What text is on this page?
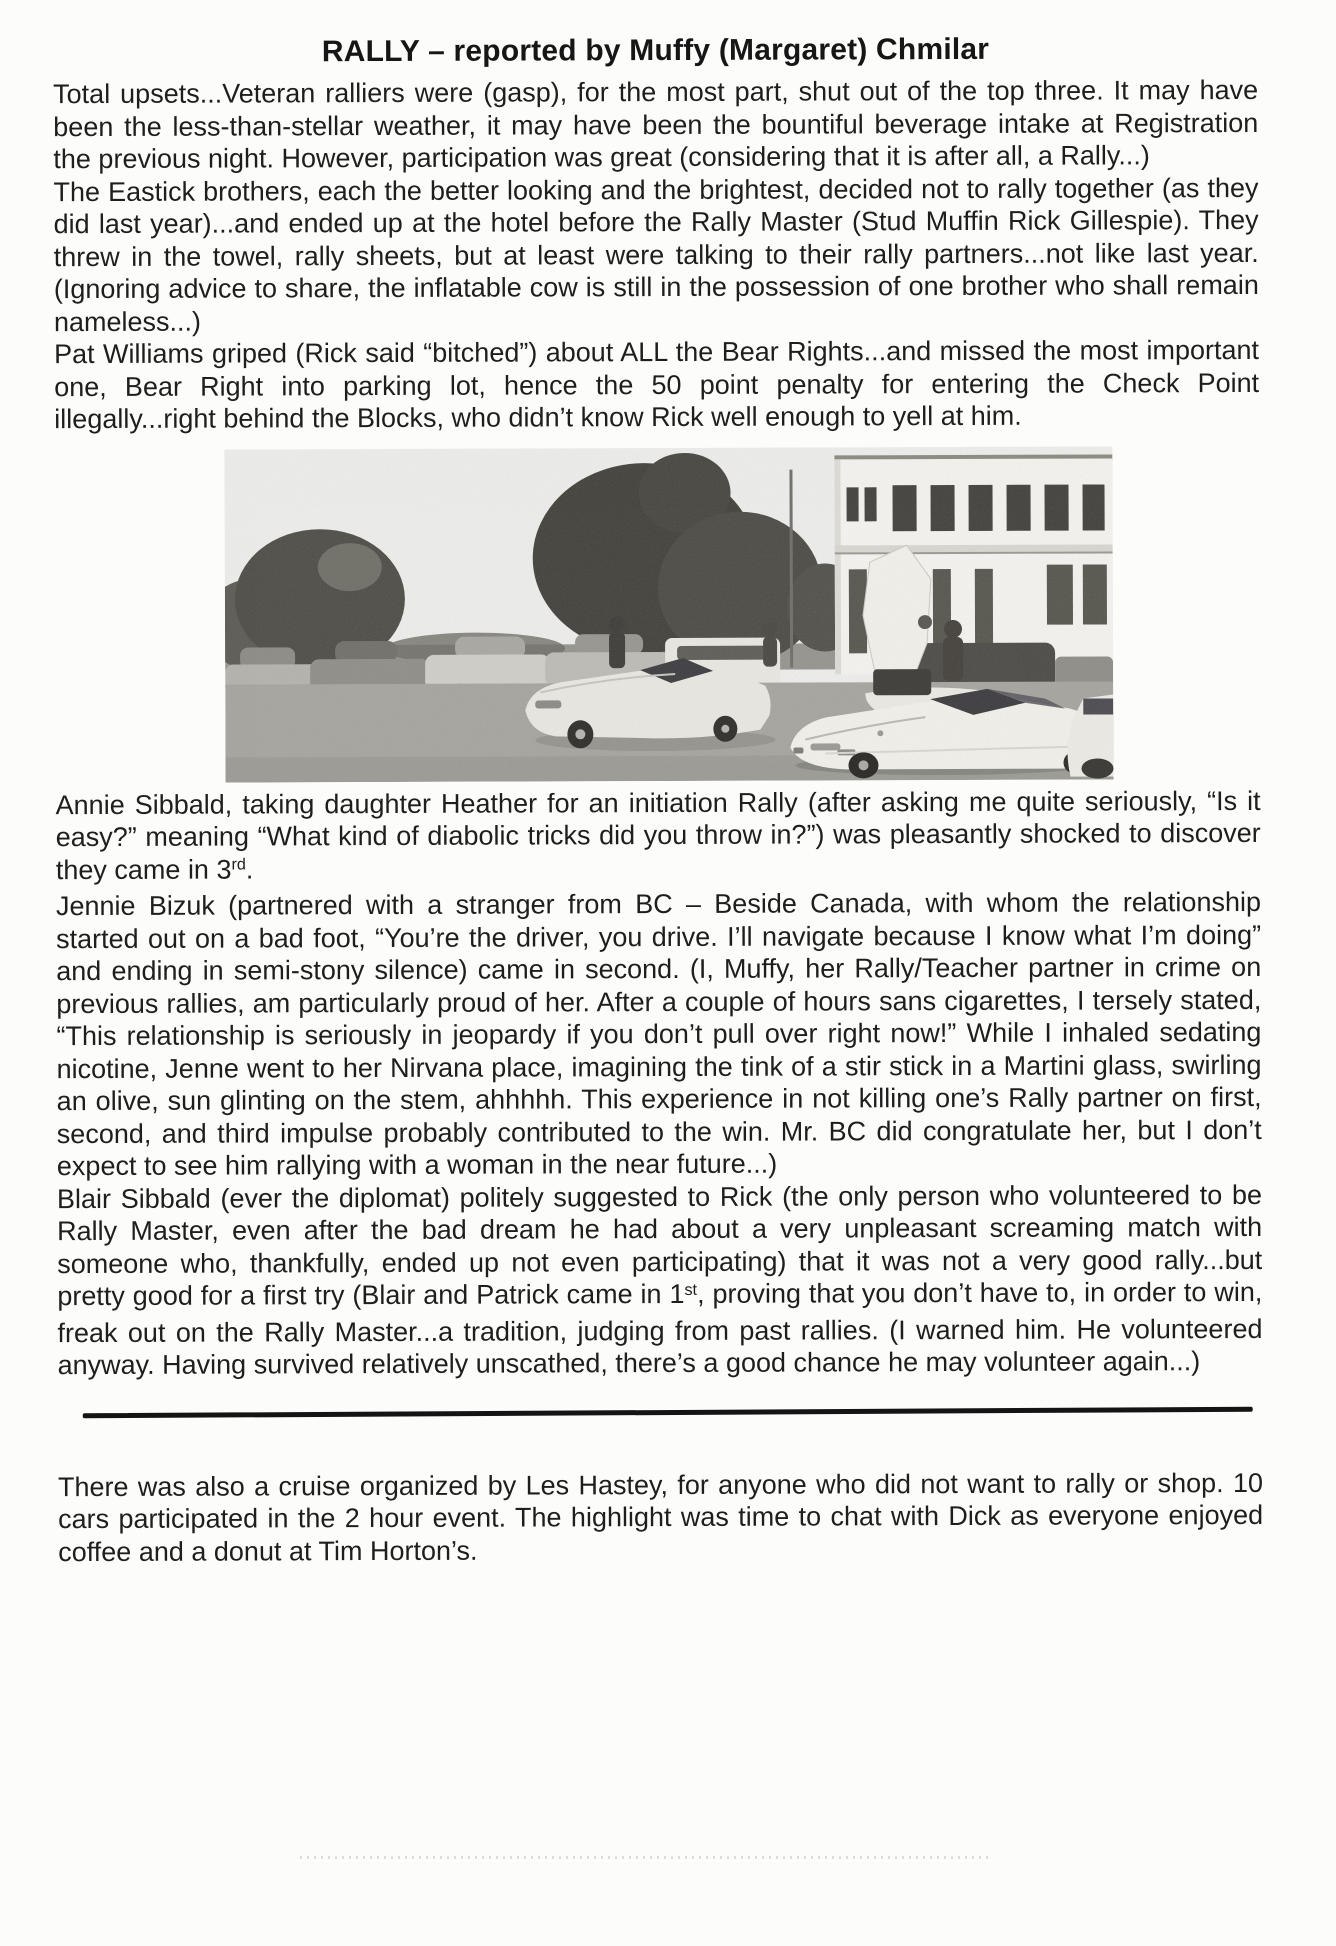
RALLY – reported by Muffy (Margaret) Chmilar

Total upsets...Veteran ralliers were (gasp), for the most part, shut out of the top three. It may have been the less-than-stellar weather, it may have been the bountiful beverage intake at Registration the previous night. However, participation was great (considering that it is after all, a Rally...)

The Eastick brothers, each the better looking and the brightest, decided not to rally together (as they did last year)...and ended up at the hotel before the Rally Master (Stud Muffin Rick Gillespie). They threw in the towel, rally sheets, but at least were talking to their rally partners...not like last year. (Ignoring advice to share, the inflatable cow is still in the possession of one brother who shall remain nameless...)

Pat Williams griped (Rick said “bitched”) about ALL the Bear Rights...and missed the most important one, Bear Right into parking lot, hence the 50 point penalty for entering the Check Point illegally...right behind the Blocks, who didn’t know Rick well enough to yell at him.

Annie Sibbald, taking daughter Heather for an initiation Rally (after asking me quite seriously, “Is it easy?” meaning “What kind of diabolic tricks did you throw in?”) was pleasantly shocked to discover they came in 3rd.

Jennie Bizuk (partnered with a stranger from BC – Beside Canada, with whom the relationship started out on a bad foot, “You’re the driver, you drive. I’ll navigate because I know what I’m doing” and ending in semi-stony silence) came in second. (I, Muffy, her Rally/Teacher partner in crime on previous rallies, am particularly proud of her. After a couple of hours sans cigarettes, I tersely stated, “This relationship is seriously in jeopardy if you don’t pull over right now!” While I inhaled sedating nicotine, Jenne went to her Nirvana place, imagining the tink of a stir stick in a Martini glass, swirling an olive, sun glinting on the stem, ahhhhh. This experience in not killing one’s Rally partner on first, second, and third impulse probably contributed to the win. Mr. BC did congratulate her, but I don’t expect to see him rallying with a woman in the near future...)

Blair Sibbald (ever the diplomat) politely suggested to Rick (the only person who volunteered to be Rally Master, even after the bad dream he had about a very unpleasant screaming match with someone who, thankfully, ended up not even participating) that it was not a very good rally...but pretty good for a first try (Blair and Patrick came in 1st, proving that you don’t have to, in order to win, freak out on the Rally Master...a tradition, judging from past rallies. (I warned him. He volunteered anyway. Having survived relatively unscathed, there’s a good chance he may volunteer again...)

There was also a cruise organized by Les Hastey, for anyone who did not want to rally or shop. 10 cars participated in the 2 hour event. The highlight was time to chat with Dick as everyone enjoyed coffee and a donut at Tim Horton’s.
